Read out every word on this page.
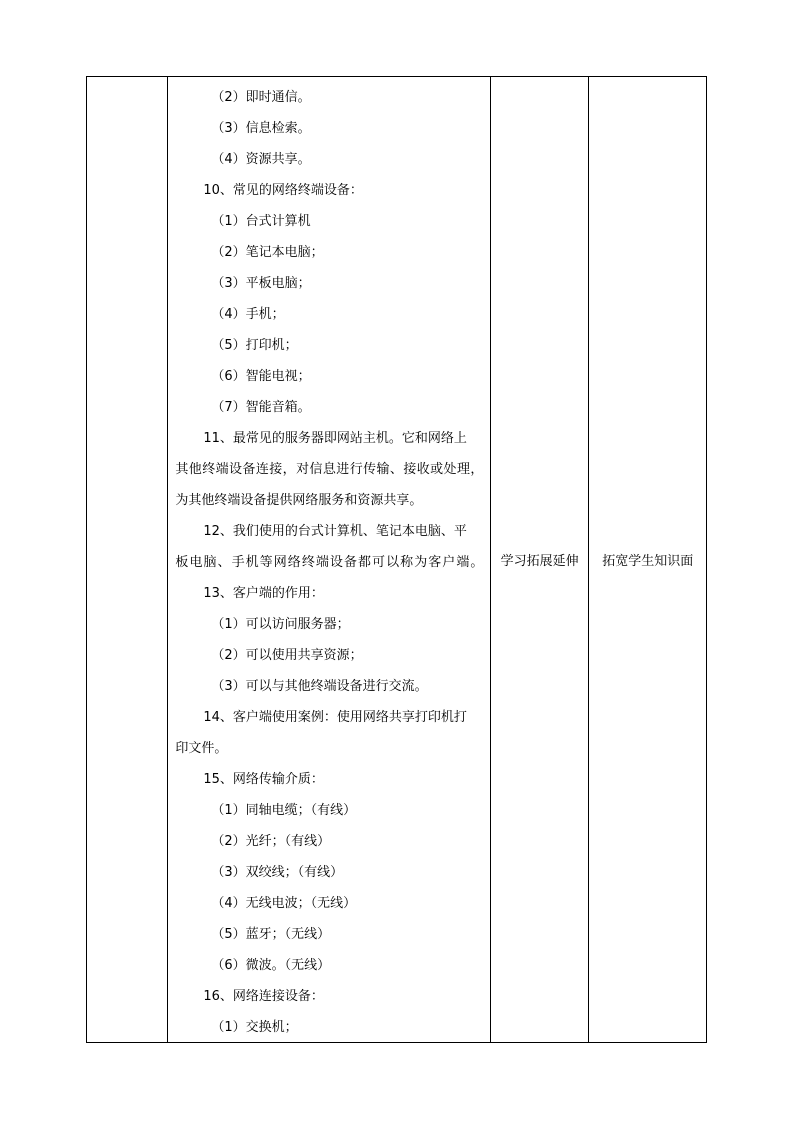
（2）即时通信。
（3）信息检索。
（4）资源共享。
10、常见的网络终端设备：
（1）台式计算机
（2）笔记本电脑；
（3）平板电脑；
（4）手机；
（5）打印机；
（6）智能电视；
（7）智能音箱。
11、最常见的服务器即网站主机。它和网络上
其他终端设备连接，对信息进行传输、接收或处理，
为其他终端设备提供网络服务和资源共享。
12、我们使用的台式计算机、笔记本电脑、平
板电脑、手机等网络终端设备都可以称为客户端。
13、客户端的作用：
（1）可以访问服务器；
（2）可以使用共享资源；
（3）可以与其他终端设备进行交流。
14、客户端使用案例：使用网络共享打印机打
印文件。
15、网络传输介质：
（1）同轴电缆；（有线）
（2）光纤；（有线）
（3）双绞线；（有线）
（4）无线电波；（无线）
（5）蓝牙；（无线）
（6）微波。（无线）
16、网络连接设备：
（1）交换机；
	学习拓展延伸	拓宽学生知识面
